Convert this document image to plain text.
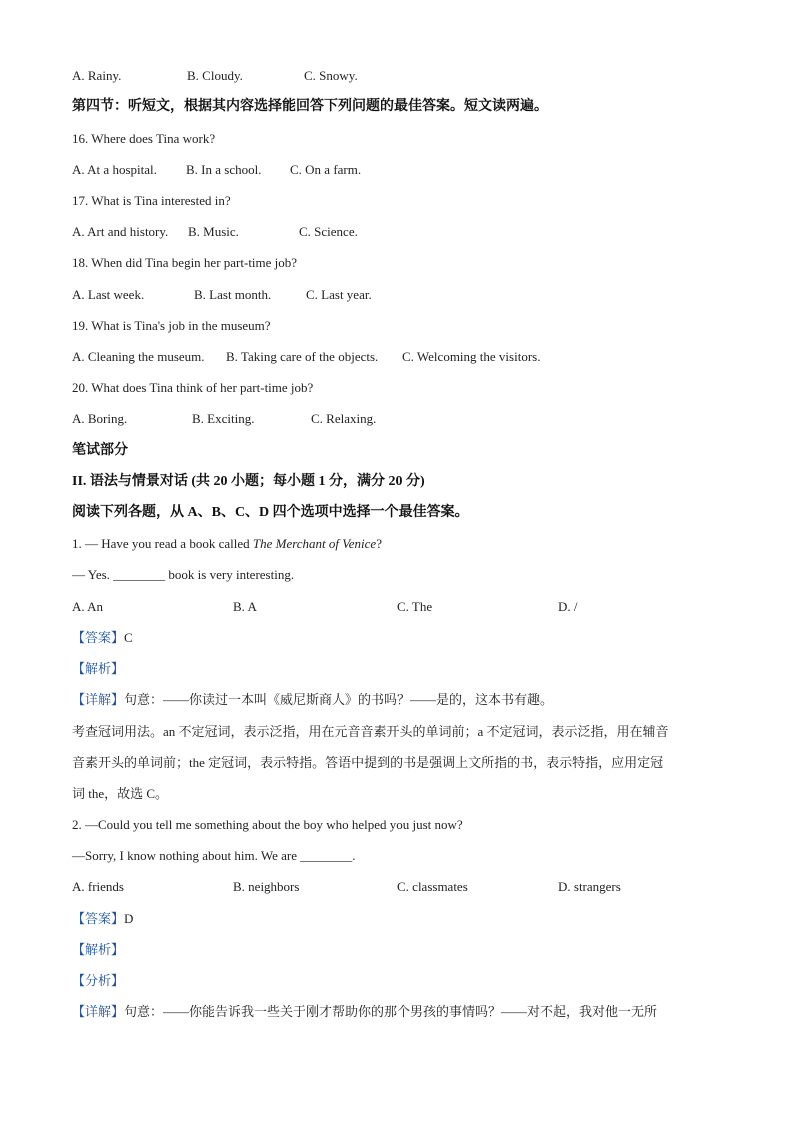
A. Rainy.	B. Cloudy.	C. Snowy.
第四节：听短文，根据其内容选择能回答下列问题的最佳答案。短文读两遍。
16. Where does Tina work?
A. At a hospital. B. In a school. C. On a farm.
17. What is Tina interested in?
A. Art and history. B. Music.	C. Science.
18. When did Tina begin her part-time job?
A. Last week.	B. Last month.	C. Last year.
19. What is Tina's job in the museum?
A. Cleaning the museum. B. Taking care of the objects. C. Welcoming the visitors.
20. What does Tina think of her part-time job?
A. Boring.	B. Exciting.	C. Relaxing.
笔试部分
II. 语法与情景对话 (共 20 小题；每小题 1 分，满分 20 分)
阅读下列各题，从 A、B、C、D 四个选项中选择一个最佳答案。
1. — Have you read a book called The Merchant of Venice?
— Yes. ________ book is very interesting.
A. An	B. A	C. The	D. /
【答案】C
【解析】
【详解】句意：——你读过一本叫《威尼斯商人》的书吗？——是的，这本书有趣。
考查冠词用法。an 不定冠词，表示泛指，用在元音音素开头的单词前；a 不定冠词，表示泛指，用在辅音
音素开头的单词前；the 定冠词，表示特指。答语中提到的书是强调上文所指的书，表示特指，应用定冠
词 the，故选 C。
2. —Could you tell me something about the boy who helped you just now?
—Sorry, I know nothing about him. We are ________.
A. friends	B. neighbors	C. classmates	D. strangers
【答案】D
【解析】
【分析】
【详解】句意：——你能告诉我一些关于刚才帮助你的那个男孩的事情吗？——对不起，我对他一无所
